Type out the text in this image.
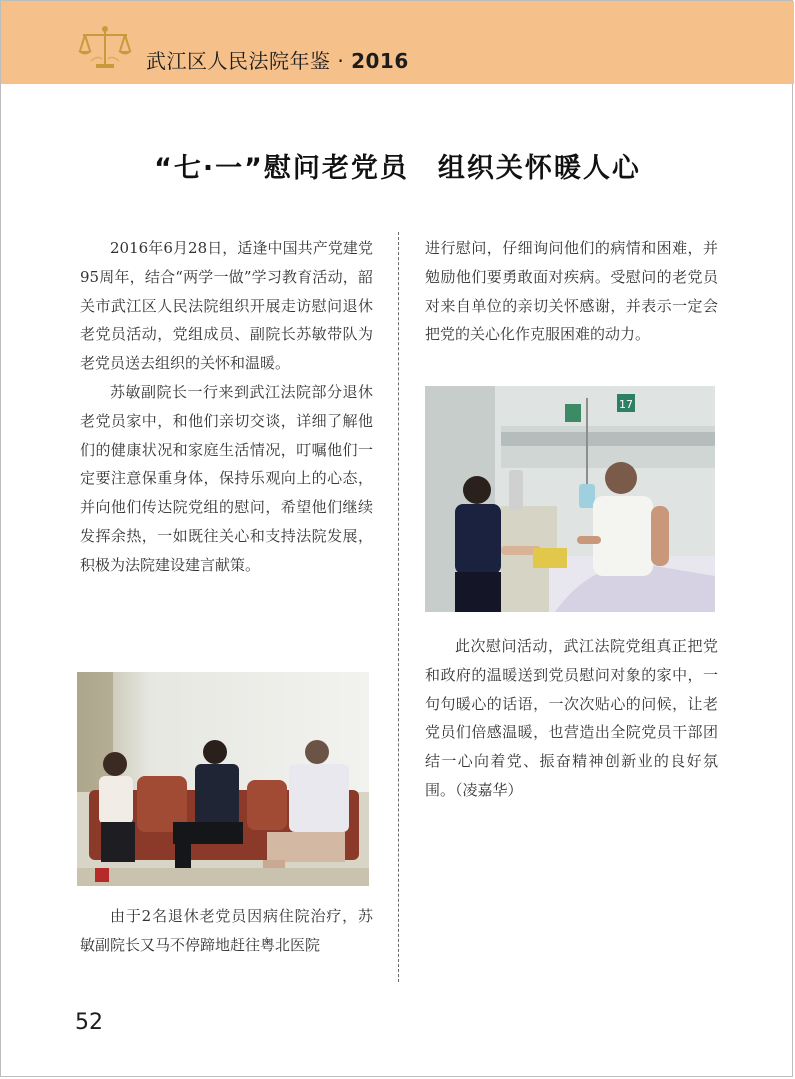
武江区人民法院年鉴 · 2016
“七·一”慰问老党员　组织关怀暖人心

2016年6月28日，适逢中国共产党建党95周年，结合“两学一做”学习教育活动，韶关市武江区人民法院组织开展走访慰问退休老党员活动，党组成员、副院长苏敏带队为老党员送去组织的关怀和温暖。

苏敏副院长一行来到武江法院部分退休老党员家中，和他们亲切交谈，详细了解他们的健康状况和家庭生活情况，叮嘱他们一定要注意保重身体，保持乐观向上的心态，并向他们传达院党组的慰问，希望他们继续发挥余热，一如既往关心和支持法院发展，积极为法院建设建言献策。

由于2名退休老党员因病住院治疗，苏敏副院长又马不停蹄地赶往粤北医院

进行慰问，仔细询问他们的病情和困难，并勉励他们要勇敢面对疾病。受慰问的老党员对来自单位的亲切关怀感谢，并表示一定会把党的关心化作克服困难的动力。

17

此次慰问活动，武江法院党组真正把党和政府的温暖送到党员慰问对象的家中，一句句暖心的话语，一次次贴心的问候，让老党员们倍感温暖，也营造出全院党员干部团结一心向着党、振奋精神创新业的良好氛围。（凌嘉华）

52
